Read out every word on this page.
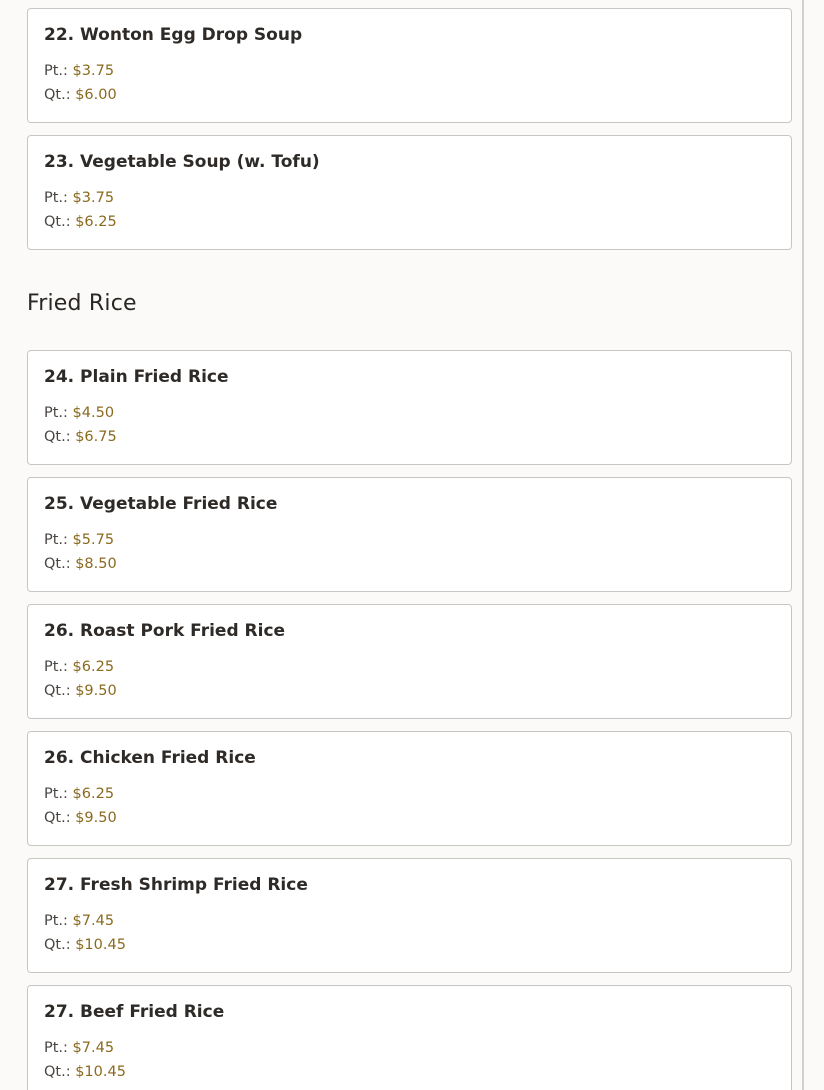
22. Wonton Egg Drop Soup
Pt.: $3.75
Qt.: $6.00
23. Vegetable Soup (w. Tofu)
Pt.: $3.75
Qt.: $6.25
Fried Rice
24. Plain Fried Rice
Pt.: $4.50
Qt.: $6.75
25. Vegetable Fried Rice
Pt.: $5.75
Qt.: $8.50
26. Roast Pork Fried Rice
Pt.: $6.25
Qt.: $9.50
26. Chicken Fried Rice
Pt.: $6.25
Qt.: $9.50
27. Fresh Shrimp Fried Rice
Pt.: $7.45
Qt.: $10.45
27. Beef Fried Rice
Pt.: $7.45
Qt.: $10.45
